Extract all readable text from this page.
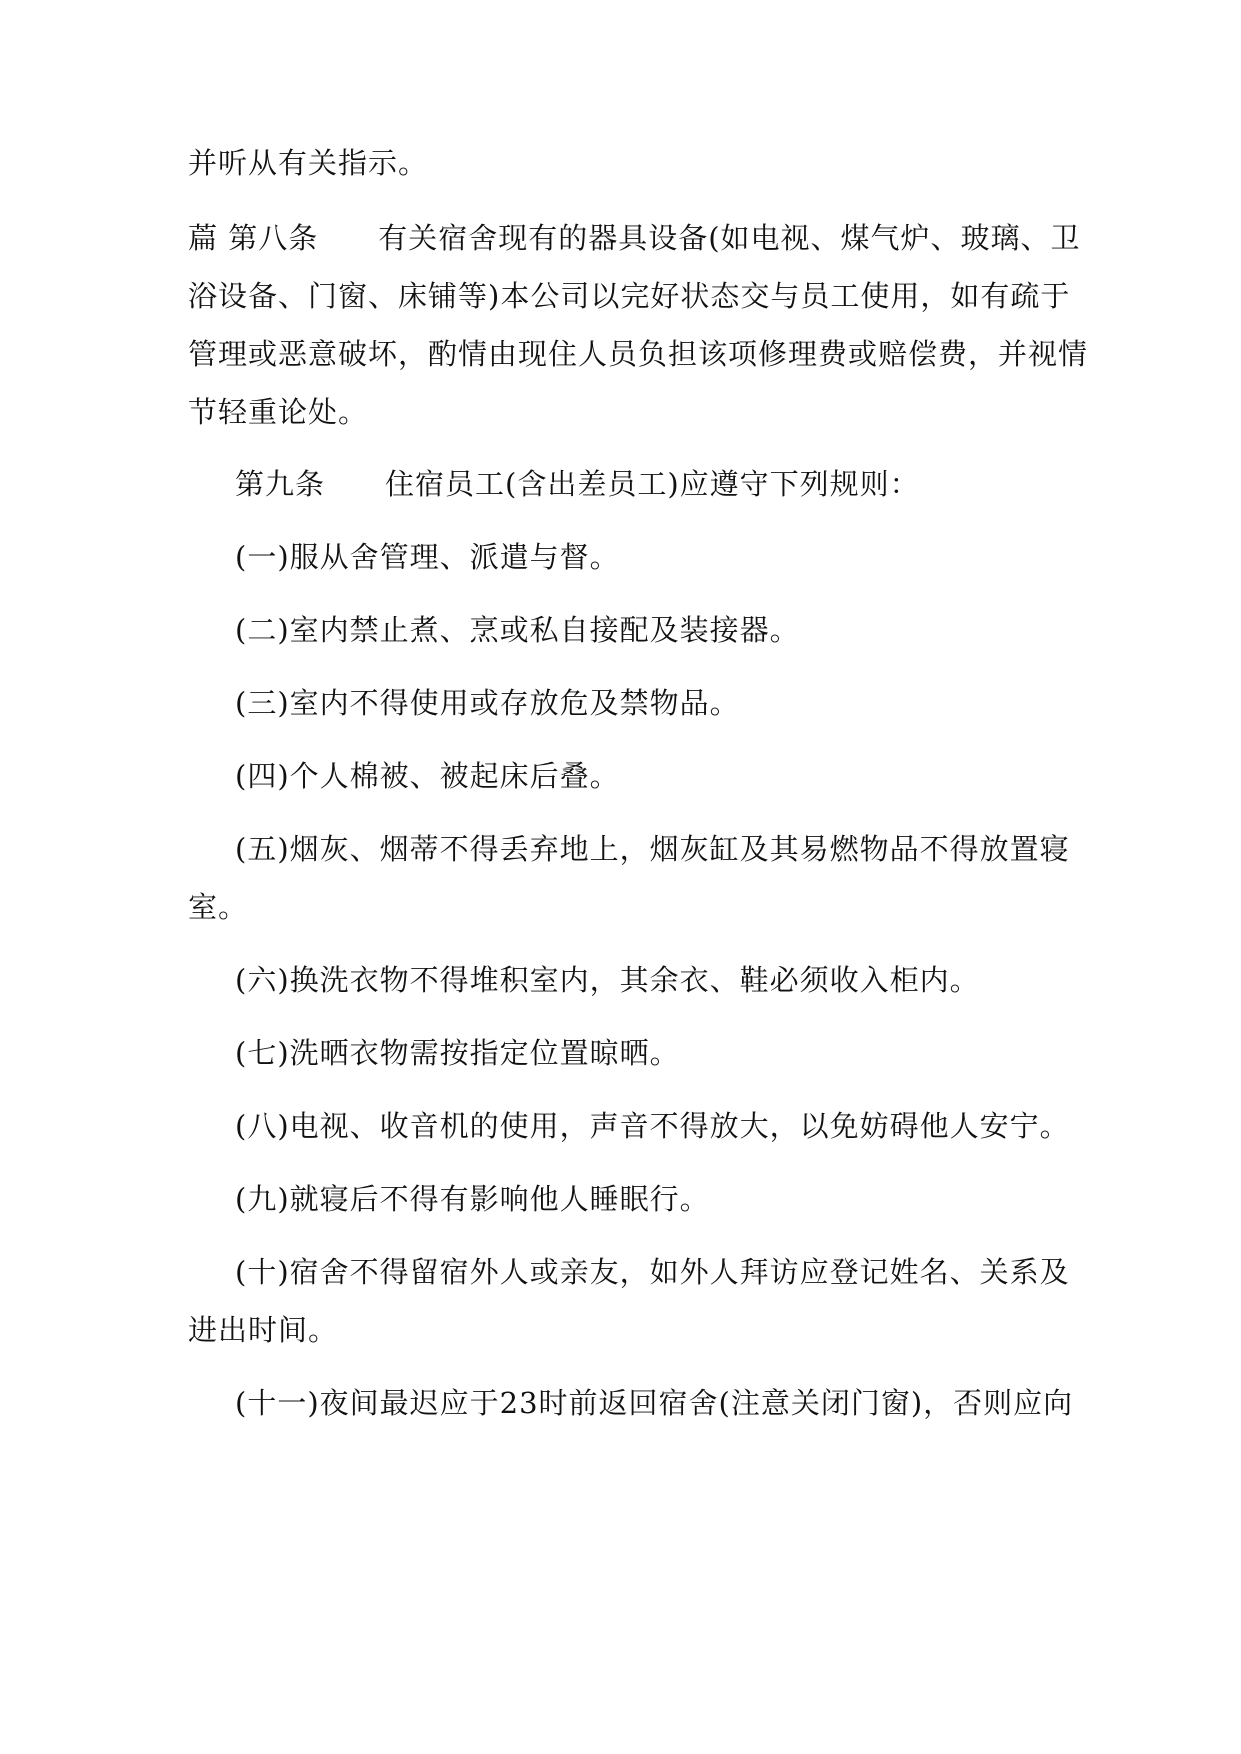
并听从有关指示。
萹 第八条　　有关宿舍现有的器具设备(如电视、煤气炉、玻璃、卫
浴设备、门窗、床铺等)本公司以完好状态交与员工使用，如有疏于
管理或恶意破坏，酌情由现住人员负担该项修理费或赔偿费，并视情
节轻重论处。
第九条　　住宿员工(含出差员工)应遵守下列规则：
(一)服从舍管理、派遣与督。
(二)室内禁止煮、烹或私自接配及装接器。
(三)室内不得使用或存放危及禁物品。
(四)个人棉被、被起床后叠。
(五)烟灰、烟蒂不得丢弃地上，烟灰缸及其易燃物品不得放置寝
室。
(六)换洗衣物不得堆积室内，其余衣、鞋必须收入柜内。
(七)洗晒衣物需按指定位置晾晒。
(八)电视、收音机的使用，声音不得放大，以免妨碍他人安宁。
(九)就寝后不得有影响他人睡眠行。
(十)宿舍不得留宿外人或亲友，如外人拜访应登记姓名、关系及
进出时间。
(十一)夜间最迟应于23时前返回宿舍(注意关闭门窗)，否则应向
